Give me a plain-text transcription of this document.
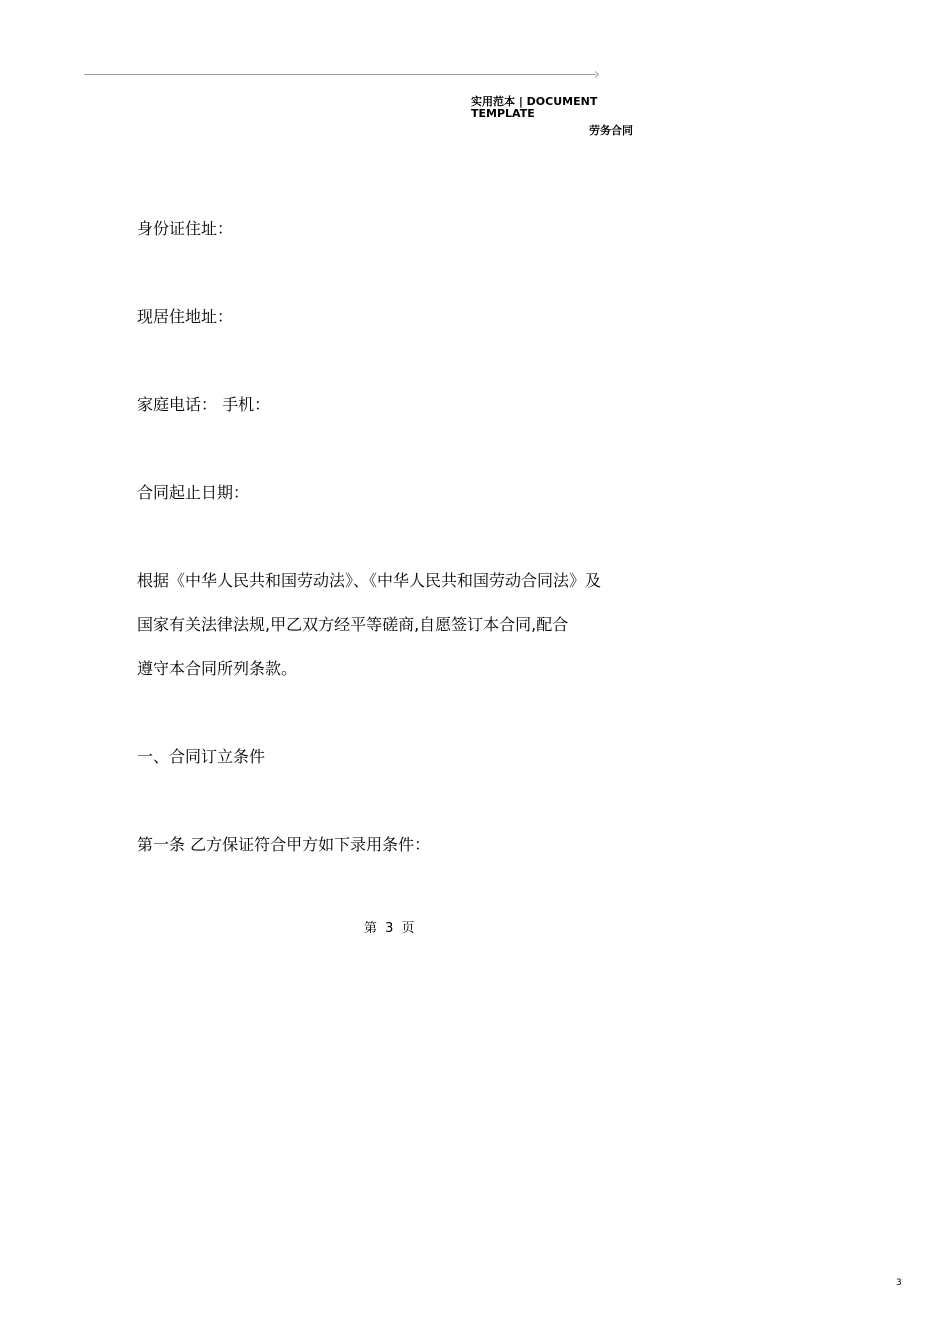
实用范本 | DOCUMENT TEMPLATE
劳务合同
身份证住址：
现居住地址：
家庭电话： 手机：
合同起止日期：
根据《中华人民共和国劳动法》、《中华人民共和国劳动合同法》及
国家有关法律法规,甲乙双方经平等磋商,自愿签订本合同,配合
遵守本合同所列条款。
一、合同订立条件
第一条 乙方保证符合甲方如下录用条件：
第 3 页
3
